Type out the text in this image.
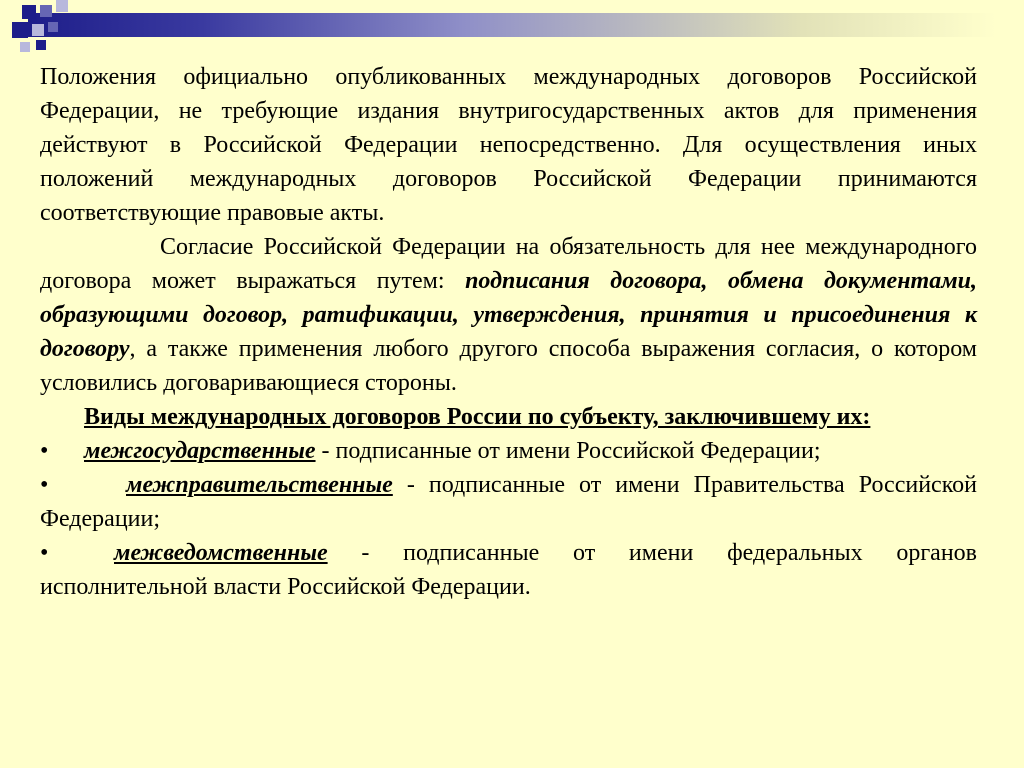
Положения официально опубликованных международных договоров Российской Федерации, не требующие издания внутригосударственных актов для применения действуют в Российской Федерации непосредственно. Для осуществления иных положений международных договоров Российской Федерации принимаются соответствующие правовые акты.

Согласие Российской Федерации на обязательность для нее международного договора может выражаться путем: подписания договора, обмена документами, образующими договор, ратификации, утверждения, принятия и присоединения к договору, а также применения любого другого способа выражения согласия, о котором условились договаривающиеся стороны.

Виды международных договоров России по субъекту, заключившему их:

• межгосударственные - подписанные от имени Российской Федерации;

•	межправительственные - подписанные от имени Правительства Российской Федерации;

•	межведомственные - подписанные от имени федеральных органов исполнительной власти Российской Федерации.
